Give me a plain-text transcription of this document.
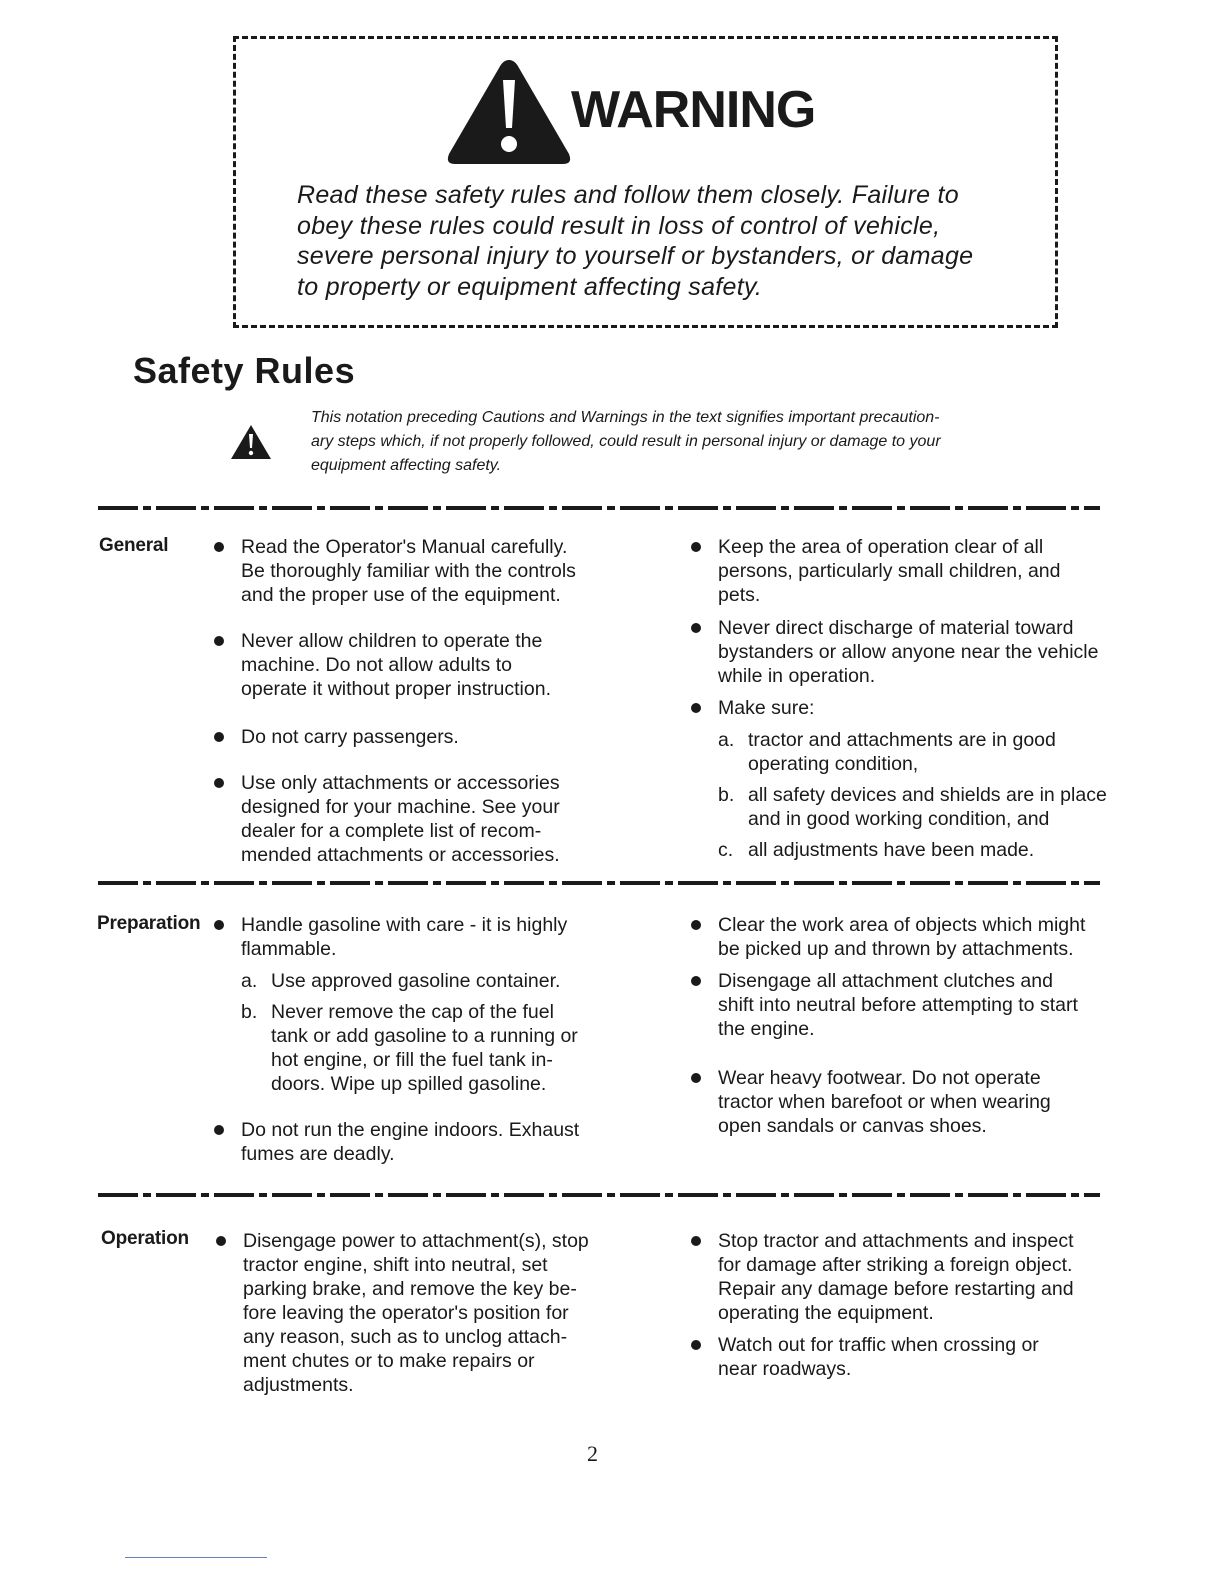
WARNING

Read these safety rules and follow them closely. Failure to

obey these rules could result in loss of control of vehicle,

severe personal injury to yourself or bystanders, or damage

to property or equipment affecting safety.

Safety Rules

This notation preceding Cautions and Warnings in the text signifies important precaution-

ary steps which, if not properly followed, could result in personal injury or damage to your

equipment affecting safety.

General	Read the Operator's Manual carefully.

Be thoroughly familiar with the controls

and the proper use of the equipment.

Never allow children to operate the

machine. Do not allow adults to

operate it without proper instruction.

Do not carry passengers.

Use only attachments or accessories

designed for your machine. See your

dealer for a complete list of recom-

mended attachments or accessories.

Keep the area of operation clear of all

persons, particularly small children, and

pets.

Never direct discharge of material toward

bystanders or allow anyone near the vehicle

while in operation.

Make sure:

a. tractor and attachments are in good

operating condition,

b. all safety devices and shields are in place

and in good working condition, and

c. all adjustments have been made.

Preparation Handle gasoline with care - it is highly

flammable.

a. Use approved gasoline container.

b. Never remove the cap of the fuel

tank or add gasoline to a running or

hot engine, or fill the fuel tank in-

doors. Wipe up spilled gasoline.

Do not run the engine indoors. Exhaust

fumes are deadly.

Clear the work area of objects which might

be picked up and thrown by attachments.

Disengage all attachment clutches and

shift into neutral before attempting to start

the engine.

Wear heavy footwear. Do not operate

tractor when barefoot or when wearing

open sandals or canvas shoes.

Operation	Disengage power to attachment(s), stop

tractor engine, shift into neutral, set

parking brake, and remove the key be-

fore leaving the operator's position for

any reason, such as to unclog attach-

ment chutes or to make repairs or

adjustments.

Stop tractor and attachments and inspect

for damage after striking a foreign object.

Repair any damage before restarting and

operating the equipment.

Watch out for traffic when crossing or

near roadways.

2
